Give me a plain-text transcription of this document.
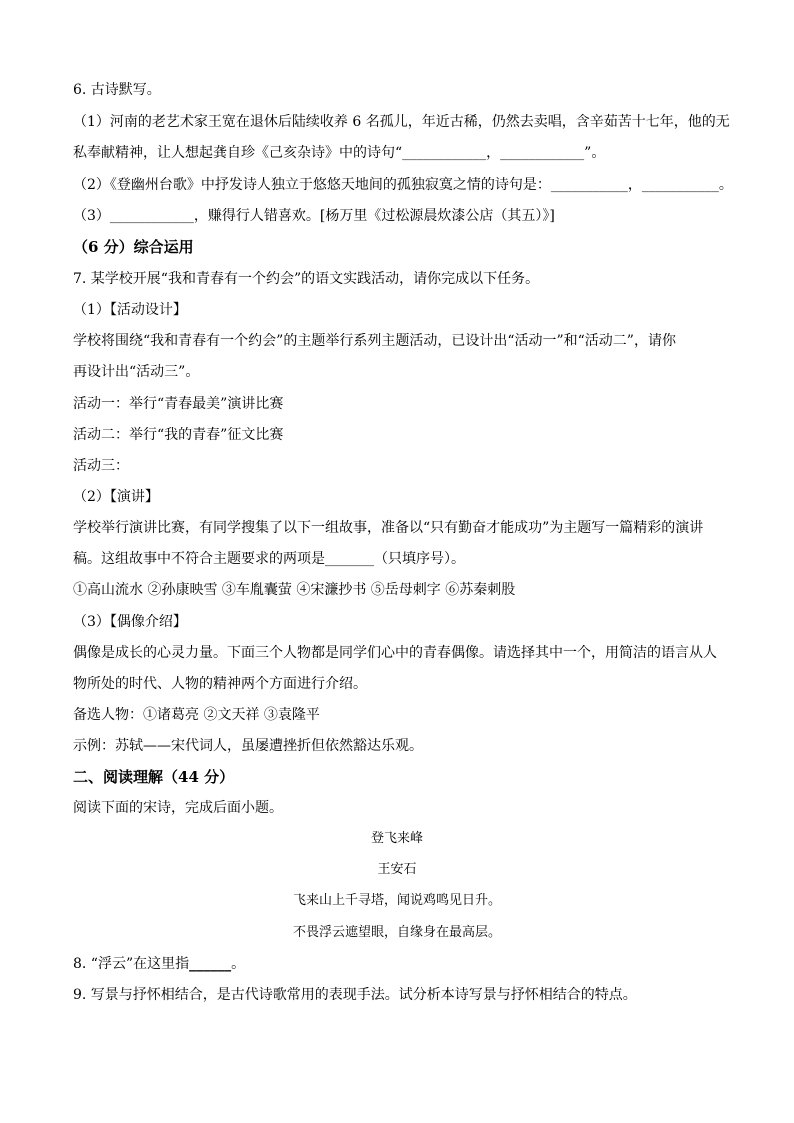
6. 古诗默写。
（1）河南的老艺术家王宽在退休后陆续收养 6 名孤儿，年近古稀，仍然去卖唱，含辛茹苦十七年，他的无
私奉献精神，让人想起龚自珍《己亥杂诗》中的诗句“____________，____________”。
（2）《登幽州台歌》中抒发诗人独立于悠悠天地间的孤独寂寞之情的诗句是：___________，___________。
（3）____________，赚得行人错喜欢。[杨万里《过松源晨炊漆公店（其五）》]
（6 分）综合运用
7. 某学校开展“我和青春有一个约会”的语文实践活动，请你完成以下任务。
（1）【活动设计】
学校将围绕“我和青春有一个约会”的主题举行系列主题活动，已设计出“活动一”和“活动二”，请你
再设计出“活动三”。
活动一：举行“青春最美”演讲比赛
活动二：举行“我的青春”征文比赛
活动三：
（2）【演讲】
学校举行演讲比赛，有同学搜集了以下一组故事，准备以“只有勤奋才能成功”为主题写一篇精彩的演讲
稿。这组故事中不符合主题要求的两项是_______（只填序号）。
①高山流水 ②孙康映雪 ③车胤囊萤 ④宋濂抄书 ⑤岳母刺字 ⑥苏秦刺股
（3）【偶像介绍】
偶像是成长的心灵力量。下面三个人物都是同学们心中的青春偶像。请选择其中一个，用简洁的语言从人
物所处的时代、人物的精神两个方面进行介绍。
备选人物：①诸葛亮 ②文天祥 ③袁隆平
示例：苏轼——宋代词人，虽屡遭挫折但依然豁达乐观。
二、阅读理解（44 分）
阅读下面的宋诗，完成后面小题。
登飞来峰
王安石
飞来山上千寻塔，闻说鸡鸣见日升。
不畏浮云遮望眼，自缘身在最高层。
8. “浮云”在这里指______。
9. 写景与抒怀相结合，是古代诗歌常用的表现手法。试分析本诗写景与抒怀相结合的特点。
